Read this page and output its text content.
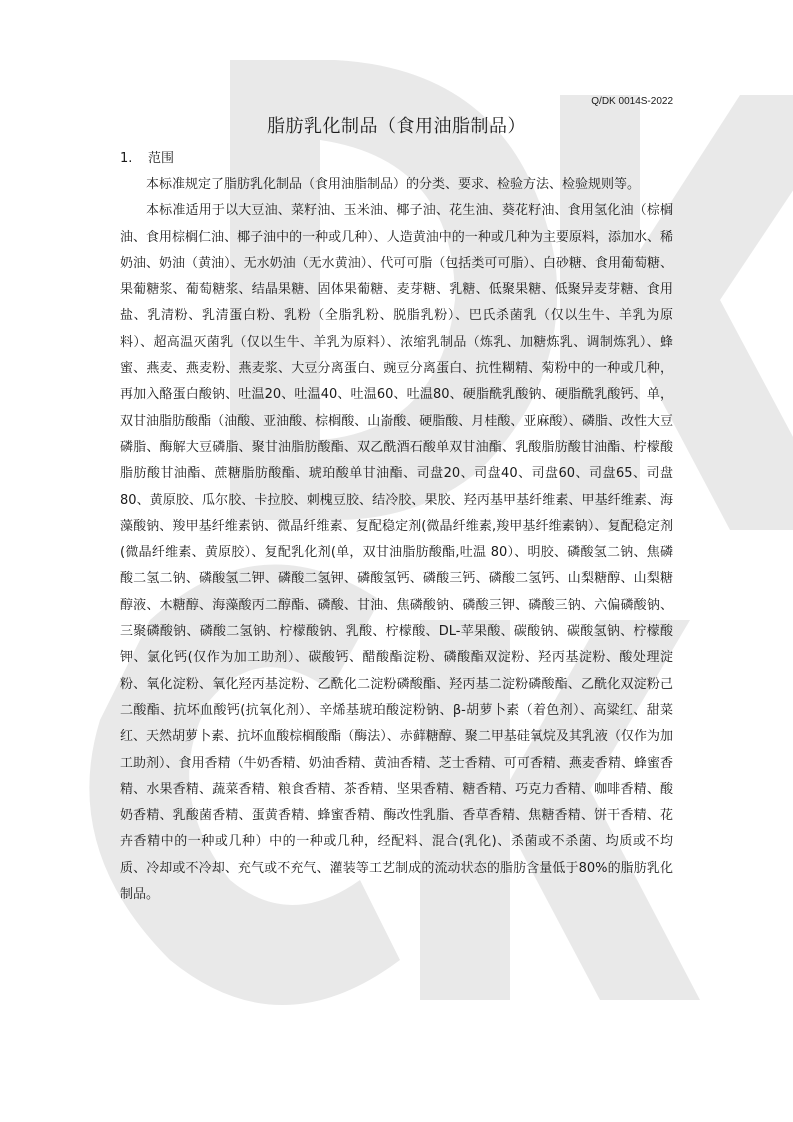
Q/DK 0014S-2022
脂肪乳化制品（食用油脂制品）
1. 范围

本标准规定了脂肪乳化制品（食用油脂制品）的分类、要求、检验方法、检验规则等。

本标准适用于以大豆油、菜籽油、玉米油、椰子油、花生油、葵花籽油、食用氢化油（棕榈油、食用棕榈仁油、椰子油中的一种或几种）、人造黄油中的一种或几种为主要原料，添加水、稀奶油、奶油（黄油）、无水奶油（无水黄油）、代可可脂（包括类可可脂）、白砂糖、食用葡萄糖、果葡糖浆、葡萄糖浆、结晶果糖、固体果葡糖、麦芽糖、乳糖、低聚果糖、低聚异麦芽糖、食用盐、乳清粉、乳清蛋白粉、乳粉（全脂乳粉、脱脂乳粉）、巴氏杀菌乳（仅以生牛、羊乳为原料）、超高温灭菌乳（仅以生牛、羊乳为原料）、浓缩乳制品（炼乳、加糖炼乳、调制炼乳）、蜂蜜、燕麦、燕麦粉、燕麦浆、大豆分离蛋白、豌豆分离蛋白、抗性糊精、菊粉中的一种或几种，再加入酪蛋白酸钠、吐温20、吐温40、吐温60、吐温80、硬脂酰乳酸钠、硬脂酰乳酸钙、单，双甘油脂肪酸酯（油酸、亚油酸、棕榈酸、山嵛酸、硬脂酸、月桂酸、亚麻酸）、磷脂、改性大豆磷脂、酶解大豆磷脂、聚甘油脂肪酸酯、双乙酰酒石酸单双甘油酯、乳酸脂肪酸甘油酯、柠檬酸脂肪酸甘油酯、蔗糖脂肪酸酯、琥珀酸单甘油酯、司盘20、司盘40、司盘60、司盘65、司盘80、黄原胶、瓜尔胶、卡拉胶、刺槐豆胶、结冷胶、果胶、羟丙基甲基纤维素、甲基纤维素、海藻酸钠、羧甲基纤维素钠、微晶纤维素、复配稳定剂(微晶纤维素,羧甲基纤维素钠）、复配稳定剂(微晶纤维素、黄原胶）、复配乳化剂(单，双甘油脂肪酸酯,吐温 80）、明胶、磷酸氢二钠、焦磷酸二氢二钠、磷酸氢二钾、磷酸二氢钾、磷酸氢钙、磷酸三钙、磷酸二氢钙、山梨糖醇、山梨糖醇液、木糖醇、海藻酸丙二醇酯、磷酸、甘油、焦磷酸钠、磷酸三钾、磷酸三钠、六偏磷酸钠、三聚磷酸钠、磷酸二氢钠、柠檬酸钠、乳酸、柠檬酸、DL-苹果酸、碳酸钠、碳酸氢钠、柠檬酸钾、氯化钙(仅作为加工助剂）、碳酸钙、醋酸酯淀粉、磷酸酯双淀粉、羟丙基淀粉、酸处理淀粉、氧化淀粉、氧化羟丙基淀粉、乙酰化二淀粉磷酸酯、羟丙基二淀粉磷酸酯、乙酰化双淀粉己二酸酯、抗坏血酸钙(抗氧化剂）、辛烯基琥珀酸淀粉钠、β-胡萝卜素（着色剂）、高粱红、甜菜红、天然胡萝卜素、抗坏血酸棕榈酸酯（酶法）、赤藓糖醇、聚二甲基硅氧烷及其乳液（仅作为加工助剂）、食用香精（牛奶香精、奶油香精、黄油香精、芝士香精、可可香精、燕麦香精、蜂蜜香精、水果香精、蔬菜香精、粮食香精、茶香精、坚果香精、糖香精、巧克力香精、咖啡香精、酸奶香精、乳酸菌香精、蛋黄香精、蜂蜜香精、酶改性乳脂、香草香精、焦糖香精、饼干香精、花卉香精中的一种或几种）中的一种或几种，经配料、混合(乳化)、杀菌或不杀菌、均质或不均质、冷却或不冷却、充气或不充气、灌装等工艺制成的流动状态的脂肪含量低于80%的脂肪乳化制品。
